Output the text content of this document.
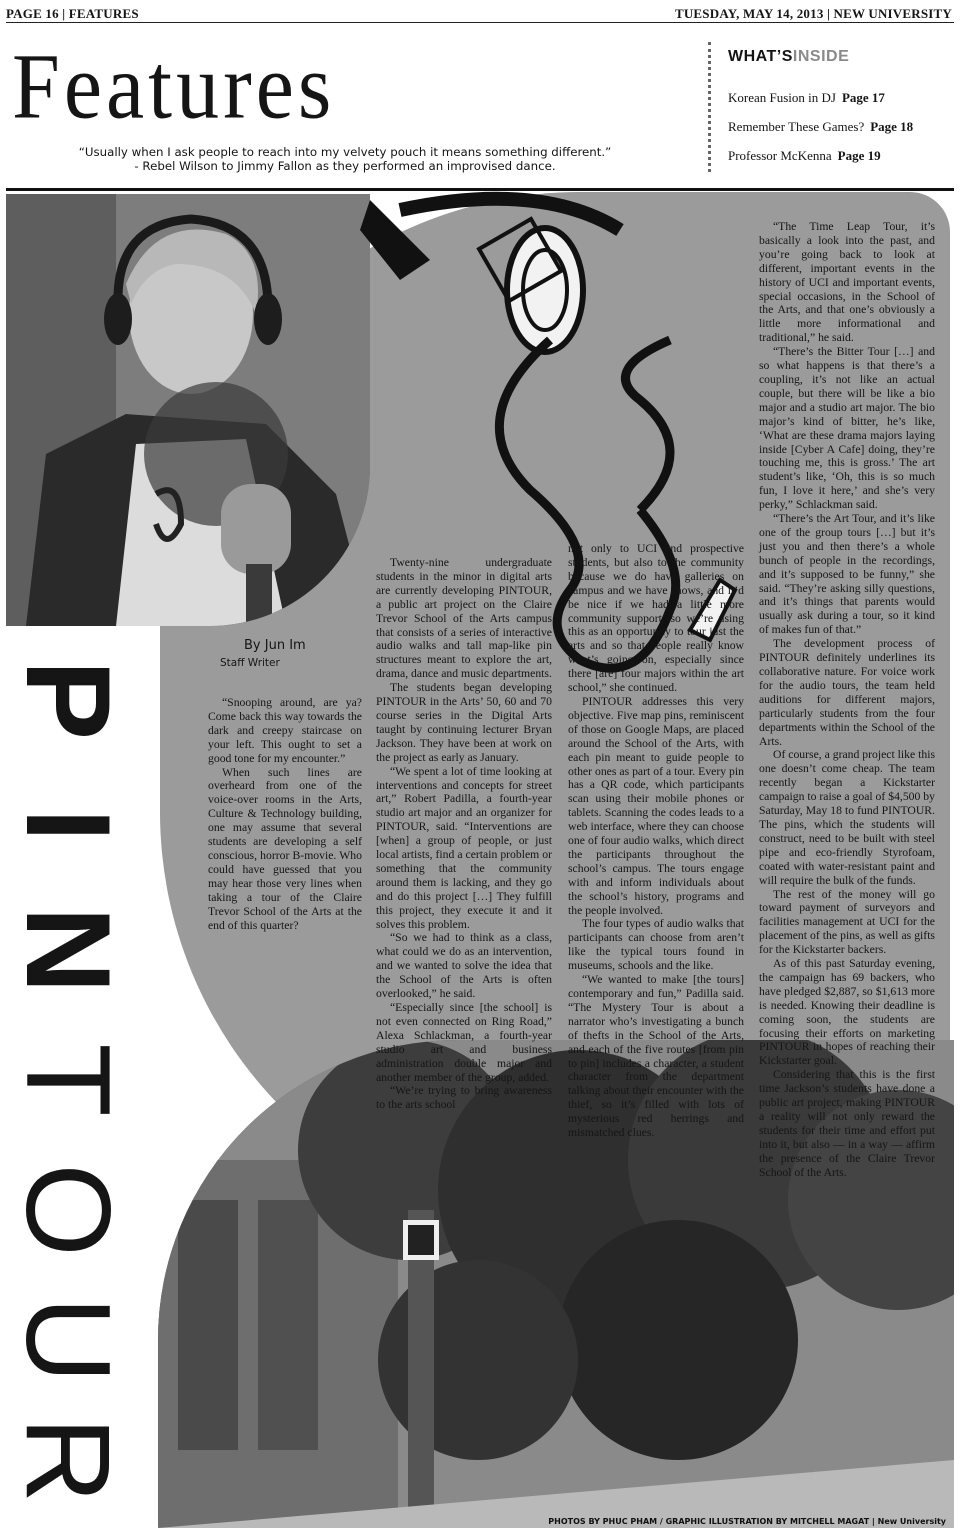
PAGE 16 | FEATURES	TUESDAY, MAY 14, 2013 | NEW UNIVERSITY
Features
“Usually when I ask people to reach into my velvety pouch it means something different.”
- Rebel Wilson to Jimmy Fallon as they performed an improvised dance.
WHAT’SINSIDE
Korean Fusion in DJ Page 17
Remember These Games? Page 18
Professor McKenna Page 19
P
I
N
T
O
U
R
By Jun Im
Staff Writer

“Snooping around, are ya? Come back this way towards the dark and creepy staircase on your left. This ought to set a good tone for my encounter.”

When such lines are overheard from one of the voice-over rooms in the Arts, Culture & Technology building, one may assume that several students are developing a self conscious, horror B-movie. Who could have guessed that you may hear those very lines when taking a tour of the Claire Trevor School of the Arts at the end of this quarter?

Twenty-nine undergraduate students in the minor in digital arts are currently developing PINTOUR, a public art project on the Claire Trevor School of the Arts campus that consists of a series of interactive audio walks and tall map-like pin structures meant to explore the art, drama, dance and music departments.

The students began developing PINTOUR in the Arts’ 50, 60 and 70 course series in the Digital Arts taught by continuing lecturer Bryan Jackson. They have been at work on the project as early as January.

“We spent a lot of time looking at interventions and concepts for street art,” Robert Padilla, a fourth-year studio art major and an organizer for PINTOUR, said. “Interventions are [when] a group of people, or just local artists, find a certain problem or something that the community around them is lacking, and they go and do this project […] They fulfill this project, they execute it and it solves this problem.

“So we had to think as a class, what could we do as an intervention, and we wanted to solve the idea that the School of the Arts is often overlooked,” he said.

“Especially since [the school] is not even connected on Ring Road,” Alexa Schlackman, a fourth-year studio art and business administration double major and another member of the group, added.

“We’re trying to bring awareness to the arts school

not only to UCI and prospective students, but also to the community because we do have galleries on campus and we have shows, and it’d be nice if we had a little more community support, so we’re using this as an opportunity to tour just the arts and so that people really know what’s going on, especially since there [are] four majors within the art school,” she continued.

PINTOUR addresses this very objective. Five map pins, reminiscent of those on Google Maps, are placed around the School of the Arts, with each pin meant to guide people to other ones as part of a tour. Every pin has a QR code, which participants scan using their mobile phones or tablets. Scanning the codes leads to a web interface, where they can choose one of four audio walks, which direct the participants throughout the school’s campus. The tours engage with and inform individuals about the school’s history, programs and the people involved.

The four types of audio walks that participants can choose from aren’t like the typical tours found in museums, schools and the like.

“We wanted to make [the tours] contemporary and fun,” Padilla said. “The Mystery Tour is about a narrator who’s investigating a bunch of thefts in the School of the Arts, and each of the five routes [from pin to pin] includes a character, a student character from the department talking about their encounter with the thief, so it’s filled with lots of mysterious red herrings and mismatched clues.

“The Time Leap Tour, it’s basically a look into the past, and you’re going back to look at different, important events in the history of UCI and important events, special occasions, in the School of the Arts, and that one’s obviously a little more informational and traditional,” he said.

“There’s the Bitter Tour […] and so what happens is that there’s a coupling, it’s not like an actual couple, but there will be like a bio major and a studio art major. The bio major’s kind of bitter, he’s like, ‘What are these drama majors laying inside [Cyber A Cafe] doing, they’re touching me, this is gross.’ The art student’s like, ‘Oh, this is so much fun, I love it here,’ and she’s very perky,” Schlackman said.

“There’s the Art Tour, and it’s like one of the group tours […] but it’s just you and then there’s a whole bunch of people in the recordings, and it’s supposed to be funny,” she said. “They’re asking silly questions, and it’s things that parents would usually ask during a tour, so it kind of makes fun of that.”

The development process of PINTOUR definitely underlines its collaborative nature. For voice work for the audio tours, the team held auditions for different majors, particularly students from the four departments within the School of the Arts.

Of course, a grand project like this one doesn’t come cheap. The team recently began a Kickstarter campaign to raise a goal of $4,500 by Saturday, May 18 to fund PINTOUR. The pins, which the students will construct, need to be built with steel pipe and eco-friendly Styrofoam, coated with water-resistant paint and will require the bulk of the funds.

The rest of the money will go toward payment of surveyors and facilities management at UCI for the placement of the pins, as well as gifts for the Kickstarter backers.

As of this past Saturday evening, the campaign has 69 backers, who have pledged $2,887, so $1,613 more is needed. Knowing their deadline is coming soon, the students are focusing their efforts on marketing PINTOUR in hopes of reaching their Kickstarter goal.

Considering that this is the first time Jackson’s students have done a public art project, making PINTOUR a reality will not only reward the students for their time and effort put into it, but also — in a way — affirm the presence of the Claire Trevor School of the Arts.

PHOTOS BY PHUC PHAM / GRAPHIC ILLUSTRATION BY MITCHELL MAGAT | New University
